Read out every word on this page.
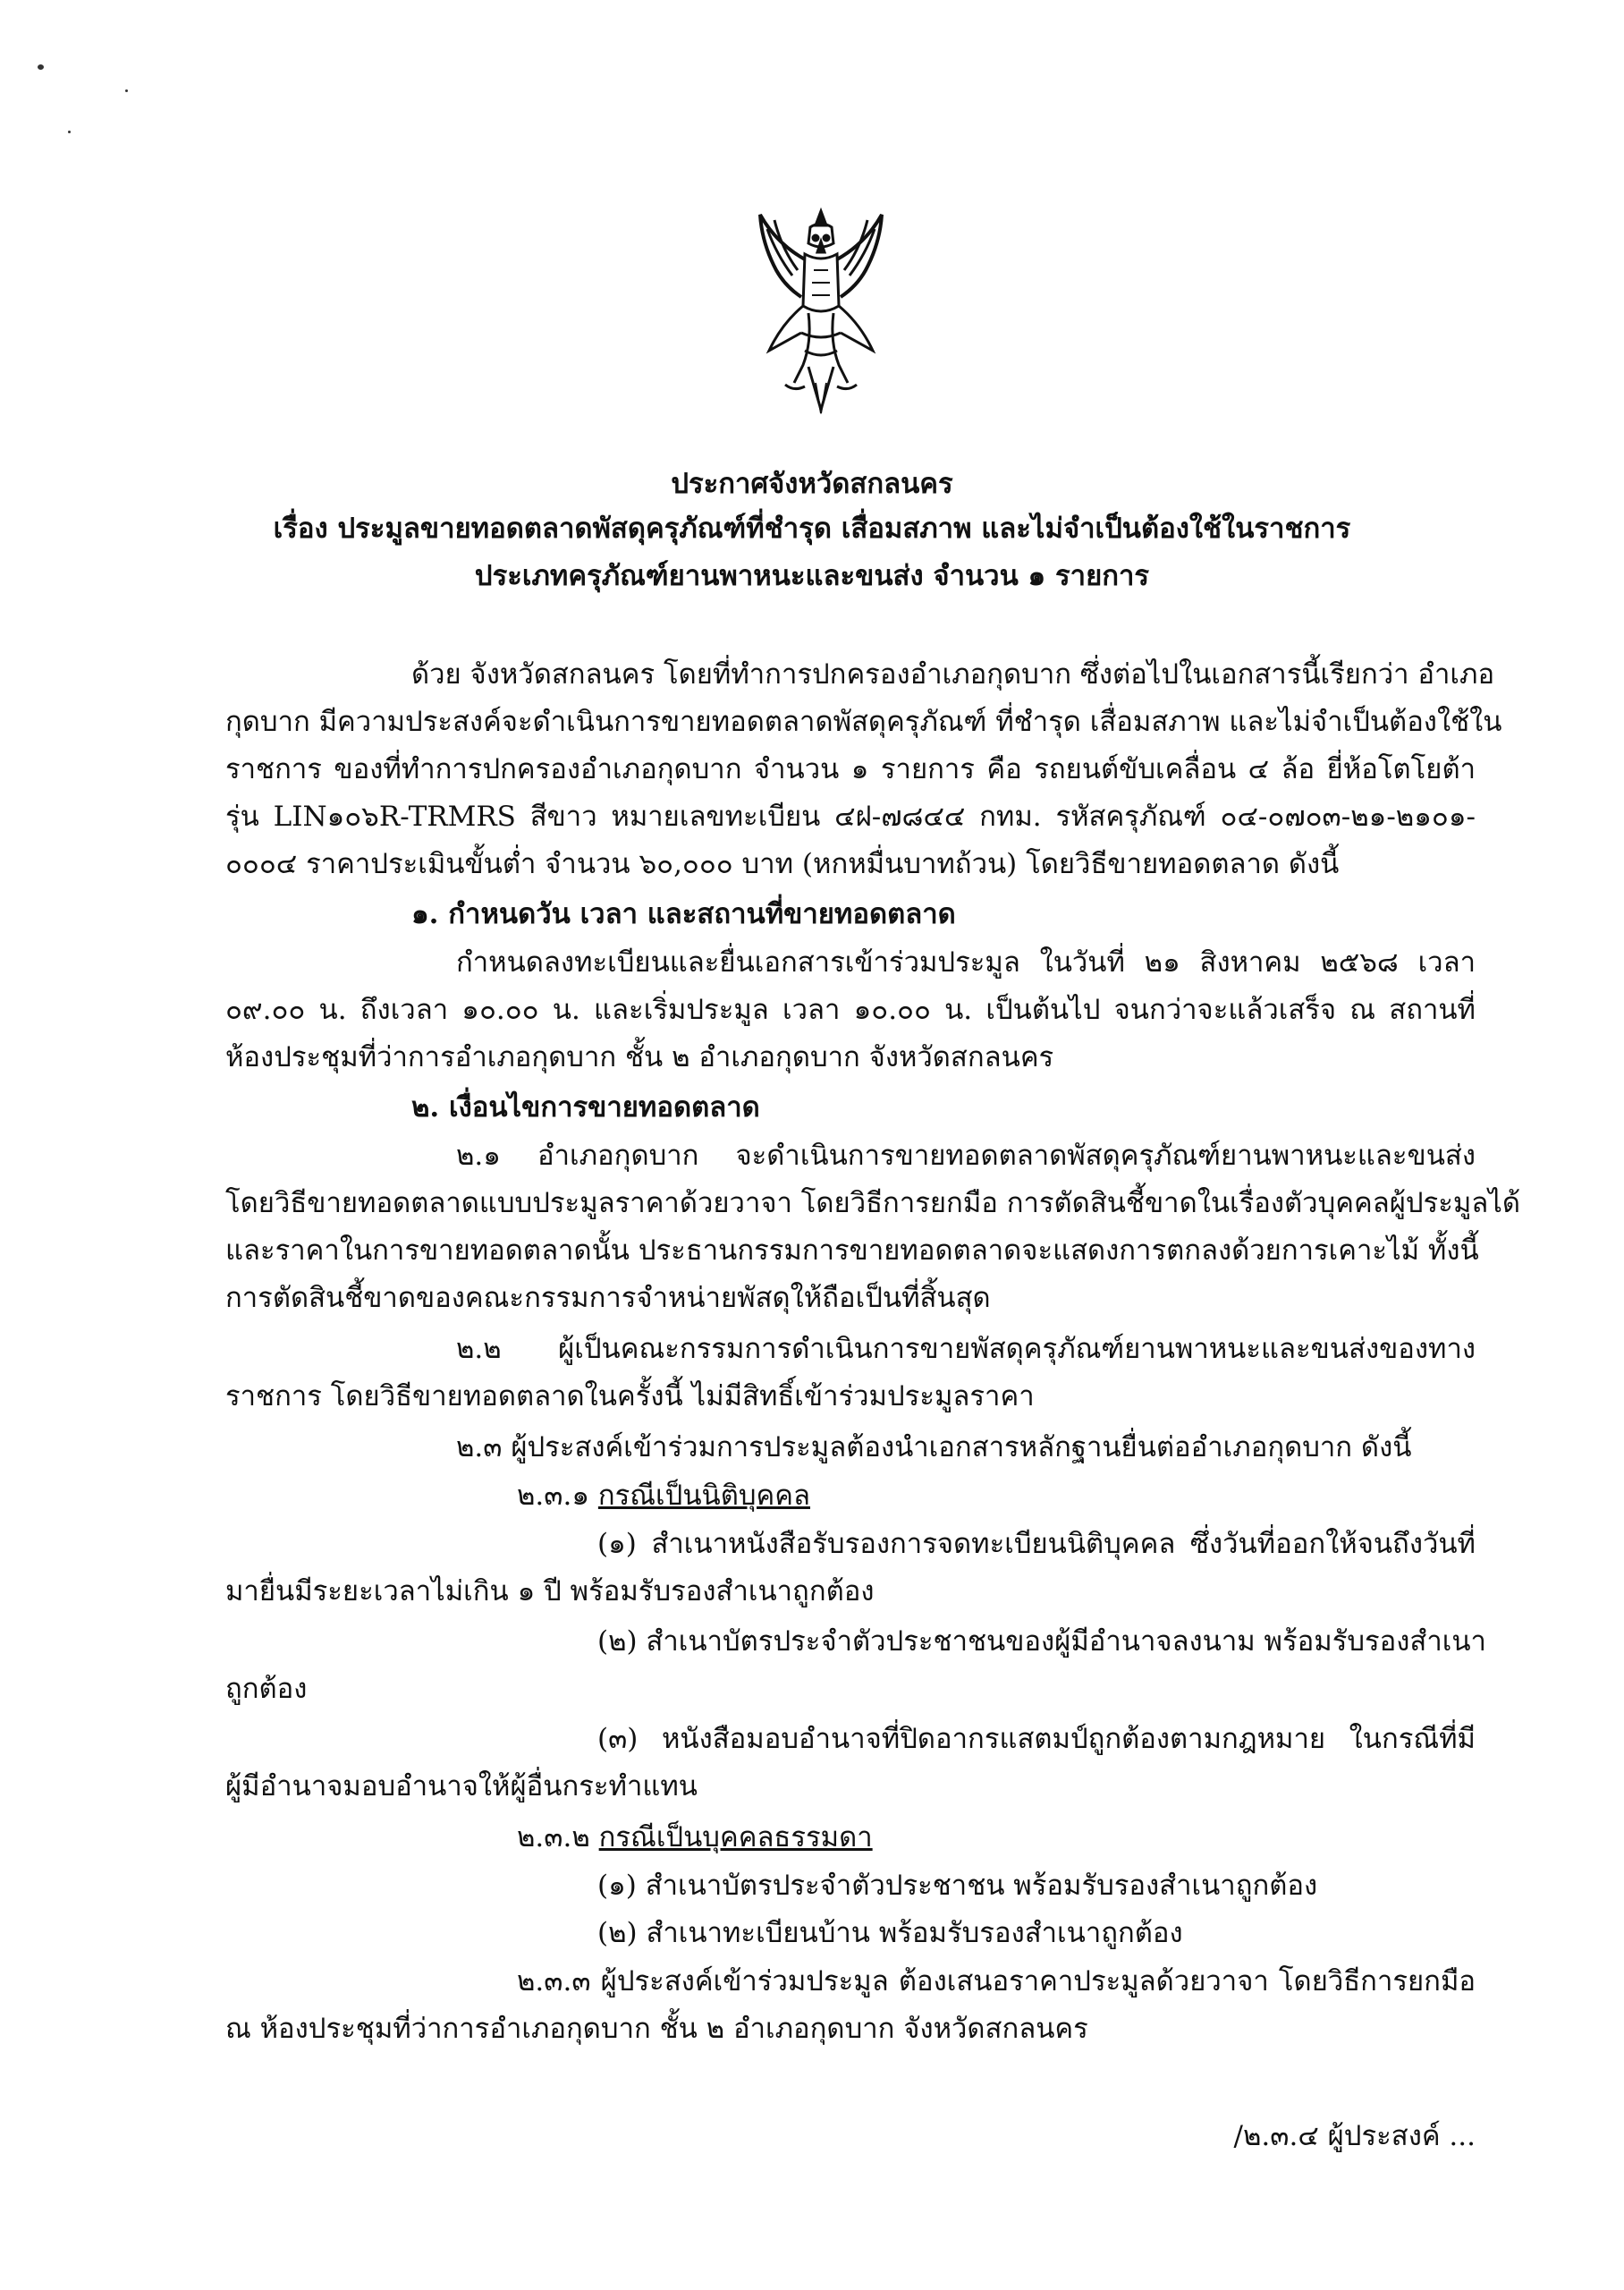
ประกาศจังหวัดสกลนคร
เรื่อง ประมูลขายทอดตลาดพัสดุครุภัณฑ์ที่ชำรุด เสื่อมสภาพ และไม่จำเป็นต้องใช้ในราชการ
ประเภทครุภัณฑ์ยานพาหนะและขนส่ง จำนวน ๑ รายการ
ด้วย จังหวัดสกลนคร โดยที่ทำการปกครองอำเภอกุดบาก ซึ่งต่อไปในเอกสารนี้เรียกว่า อำเภอ
กุดบาก มีความประสงค์จะดำเนินการขายทอดตลาดพัสดุครุภัณฑ์ ที่ชำรุด เสื่อมสภาพ และไม่จำเป็นต้องใช้ใน
ราชการ ของที่ทำการปกครองอำเภอกุดบาก จำนวน ๑ รายการ คือ รถยนต์ขับเคลื่อน ๔ ล้อ ยี่ห้อโตโยต้า
รุ่น LIN๑๐๖R-TRMRS สีขาว หมายเลขทะเบียน ๔ฝ-๗๘๔๔ กทม. รหัสครุภัณฑ์ ๐๔-๐๗๐๓-๒๑-๒๑๐๑-
๐๐๐๔ ราคาประเมินขั้นต่ำ จำนวน ๖๐,๐๐๐ บาท (หกหมื่นบาทถ้วน) โดยวิธีขายทอดตลาด ดังนี้
๑. กำหนดวัน เวลา และสถานที่ขายทอดตลาด
กำหนดลงทะเบียนและยื่นเอกสารเข้าร่วมประมูล ในวันที่ ๒๑ สิงหาคม ๒๕๖๘ เวลา
๐๙.๐๐ น. ถึงเวลา ๑๐.๐๐ น. และเริ่มประมูล เวลา ๑๐.๐๐ น. เป็นต้นไป จนกว่าจะแล้วเสร็จ ณ สถานที่
ห้องประชุมที่ว่าการอำเภอกุดบาก ชั้น ๒ อำเภอกุดบาก จังหวัดสกลนคร
๒. เงื่อนไขการขายทอดตลาด
๒.๑ อำเภอกุดบาก จะดำเนินการขายทอดตลาดพัสดุครุภัณฑ์ยานพาหนะและขนส่ง
โดยวิธีขายทอดตลาดแบบประมูลราคาด้วยวาจา โดยวิธีการยกมือ การตัดสินชี้ขาดในเรื่องตัวบุคคลผู้ประมูลได้
และราคาในการขายทอดตลาดนั้น ประธานกรรมการขายทอดตลาดจะแสดงการตกลงด้วยการเคาะไม้ ทั้งนี้
การตัดสินชี้ขาดของคณะกรรมการจำหน่ายพัสดุให้ถือเป็นที่สิ้นสุด
๒.๒ ผู้เป็นคณะกรรมการดำเนินการขายพัสดุครุภัณฑ์ยานพาหนะและขนส่งของทาง
ราชการ โดยวิธีขายทอดตลาดในครั้งนี้ ไม่มีสิทธิ์เข้าร่วมประมูลราคา
๒.๓ ผู้ประสงค์เข้าร่วมการประมูลต้องนำเอกสารหลักฐานยื่นต่ออำเภอกุดบาก ดังนี้
๒.๓.๑ กรณีเป็นนิติบุคคล
(๑) สำเนาหนังสือรับรองการจดทะเบียนนิติบุคคล ซึ่งวันที่ออกให้จนถึงวันที่
มายื่นมีระยะเวลาไม่เกิน ๑ ปี พร้อมรับรองสำเนาถูกต้อง
(๒) สำเนาบัตรประจำตัวประชาชนของผู้มีอำนาจลงนาม พร้อมรับรองสำเนา
ถูกต้อง
(๓) หนังสือมอบอำนาจที่ปิดอากรแสตมป์ถูกต้องตามกฎหมาย ในกรณีที่มี
ผู้มีอำนาจมอบอำนาจให้ผู้อื่นกระทำแทน
๒.๓.๒ กรณีเป็นบุคคลธรรมดา
(๑) สำเนาบัตรประจำตัวประชาชน พร้อมรับรองสำเนาถูกต้อง
(๒) สำเนาทะเบียนบ้าน พร้อมรับรองสำเนาถูกต้อง
๒.๓.๓ ผู้ประสงค์เข้าร่วมประมูล ต้องเสนอราคาประมูลด้วยวาจา โดยวิธีการยกมือ
ณ ห้องประชุมที่ว่าการอำเภอกุดบาก ชั้น ๒ อำเภอกุดบาก จังหวัดสกลนคร
/๒.๓.๔ ผู้ประสงค์ ...
